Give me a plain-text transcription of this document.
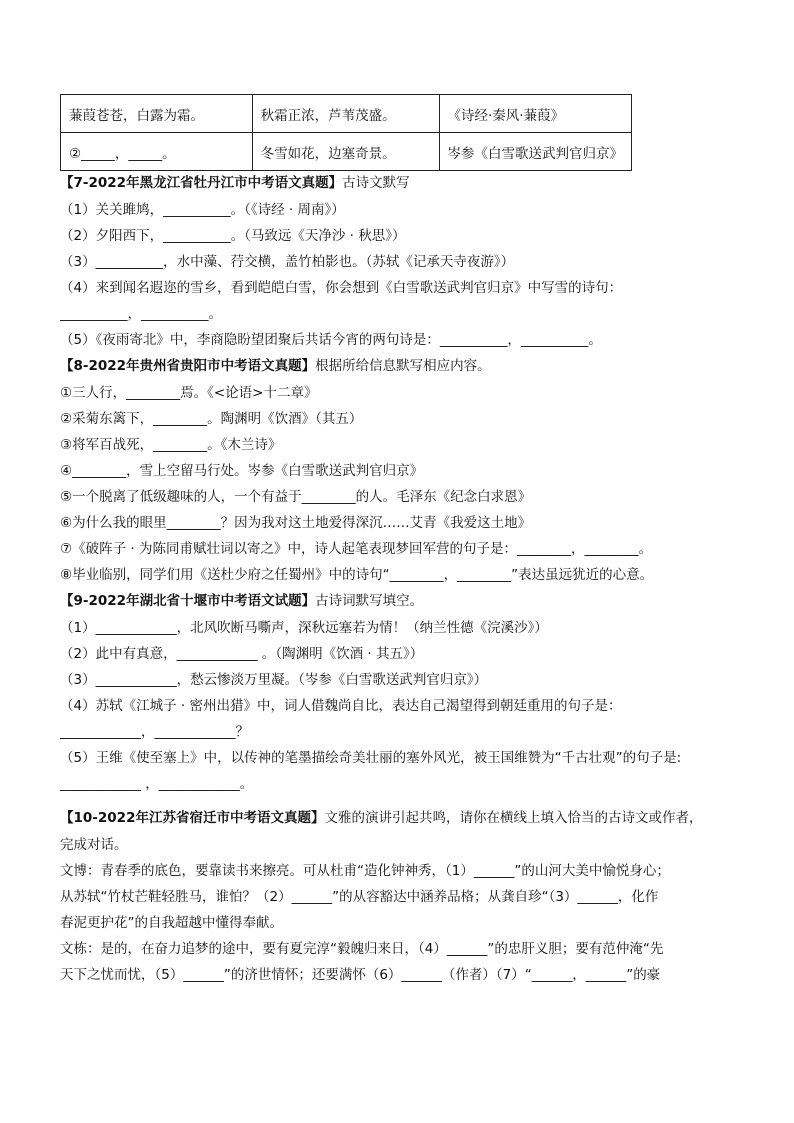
蒹葭苍苍，白露为霜。	秋霜正浓，芦苇茂盛。	《诗经·秦风·蒹葭》
②_____，_____。	冬雪如花，边塞奇景。	岑参《白雪歌送武判官归京》
【7-2022年黑龙江省牡丹江市中考语文真题】古诗文默写
（1）关关雎鸠，__________。（《诗经 · 周南》）
（2）夕阳西下，__________。（马致远《天净沙 · 秋思》）
（3）__________，水中藻、荇交横，盖竹柏影也。（苏轼《记承天寺夜游》）
（4）来到闻名遐迩的雪乡，看到皑皑白雪，你会想到《白雪歌送武判官归京》中写雪的诗句：
__________，__________。
（5）《夜雨寄北》中，李商隐盼望团聚后共话今宵的两句诗是：__________，__________。
【8-2022年贵州省贵阳市中考语文真题】根据所给信息默写相应内容。
①三人行，________焉。《<论语>十二章》
②采菊东篱下，________。陶渊明《饮酒》（其五）
③将军百战死，________。《木兰诗》
④________，雪上空留马行处。岑参《白雪歌送武判官归京》
⑤一个脱离了低级趣味的人，一个有益于________的人。毛泽东《纪念白求恩》
⑥为什么我的眼里________？因为我对这土地爱得深沉……艾青《我爱这土地》
⑦《破阵子 · 为陈同甫赋壮词以寄之》中，诗人起笔表现梦回军营的句子是：________，________。
⑧毕业临别，同学们用《送杜少府之任蜀州》中的诗句“________，________”表达虽远犹近的心意。
【9-2022年湖北省十堰市中考语文试题】古诗词默写填空。
（1）____________，北风吹断马嘶声，深秋远塞若为情！（纳兰性德《浣溪沙》）
（2）此中有真意，____________ 。（陶渊明《饮酒 · 其五》）
（3）____________，愁云惨淡万里凝。（岑参《白雪歌送武判官归京》）
（4）苏轼《江城子 · 密州出猎》中，词人借魏尚自比，表达自己渴望得到朝廷重用的句子是：
____________，____________？
（5）王维《使至塞上》中，以传神的笔墨描绘奇美壮丽的塞外风光，被王国维赞为“千古壮观”的句子是:
____________ ，____________。
【10-2022年江苏省宿迁市中考语文真题】文雅的演讲引起共鸣，请你在横线上填入恰当的古诗文或作者，
完成对话。
文博：青春季的底色，要靠读书来擦亮。可从杜甫“造化钟神秀，（1）______”的山河大美中愉悦身心；
从苏轼“竹杖芒鞋轻胜马，谁怕？（2）______”的从容豁达中涵养品格；从龚自珍“（3）______，化作
春泥更护花”的自我超越中懂得奉献。
文栋：是的，在奋力追梦的途中，要有夏完淳“毅魄归来日，（4）______”的忠肝义胆；要有范仲淹“先
天下之忧而忧，（5）______”的济世情怀；还要满怀（6）______（作者）（7）“______，______”的豪
